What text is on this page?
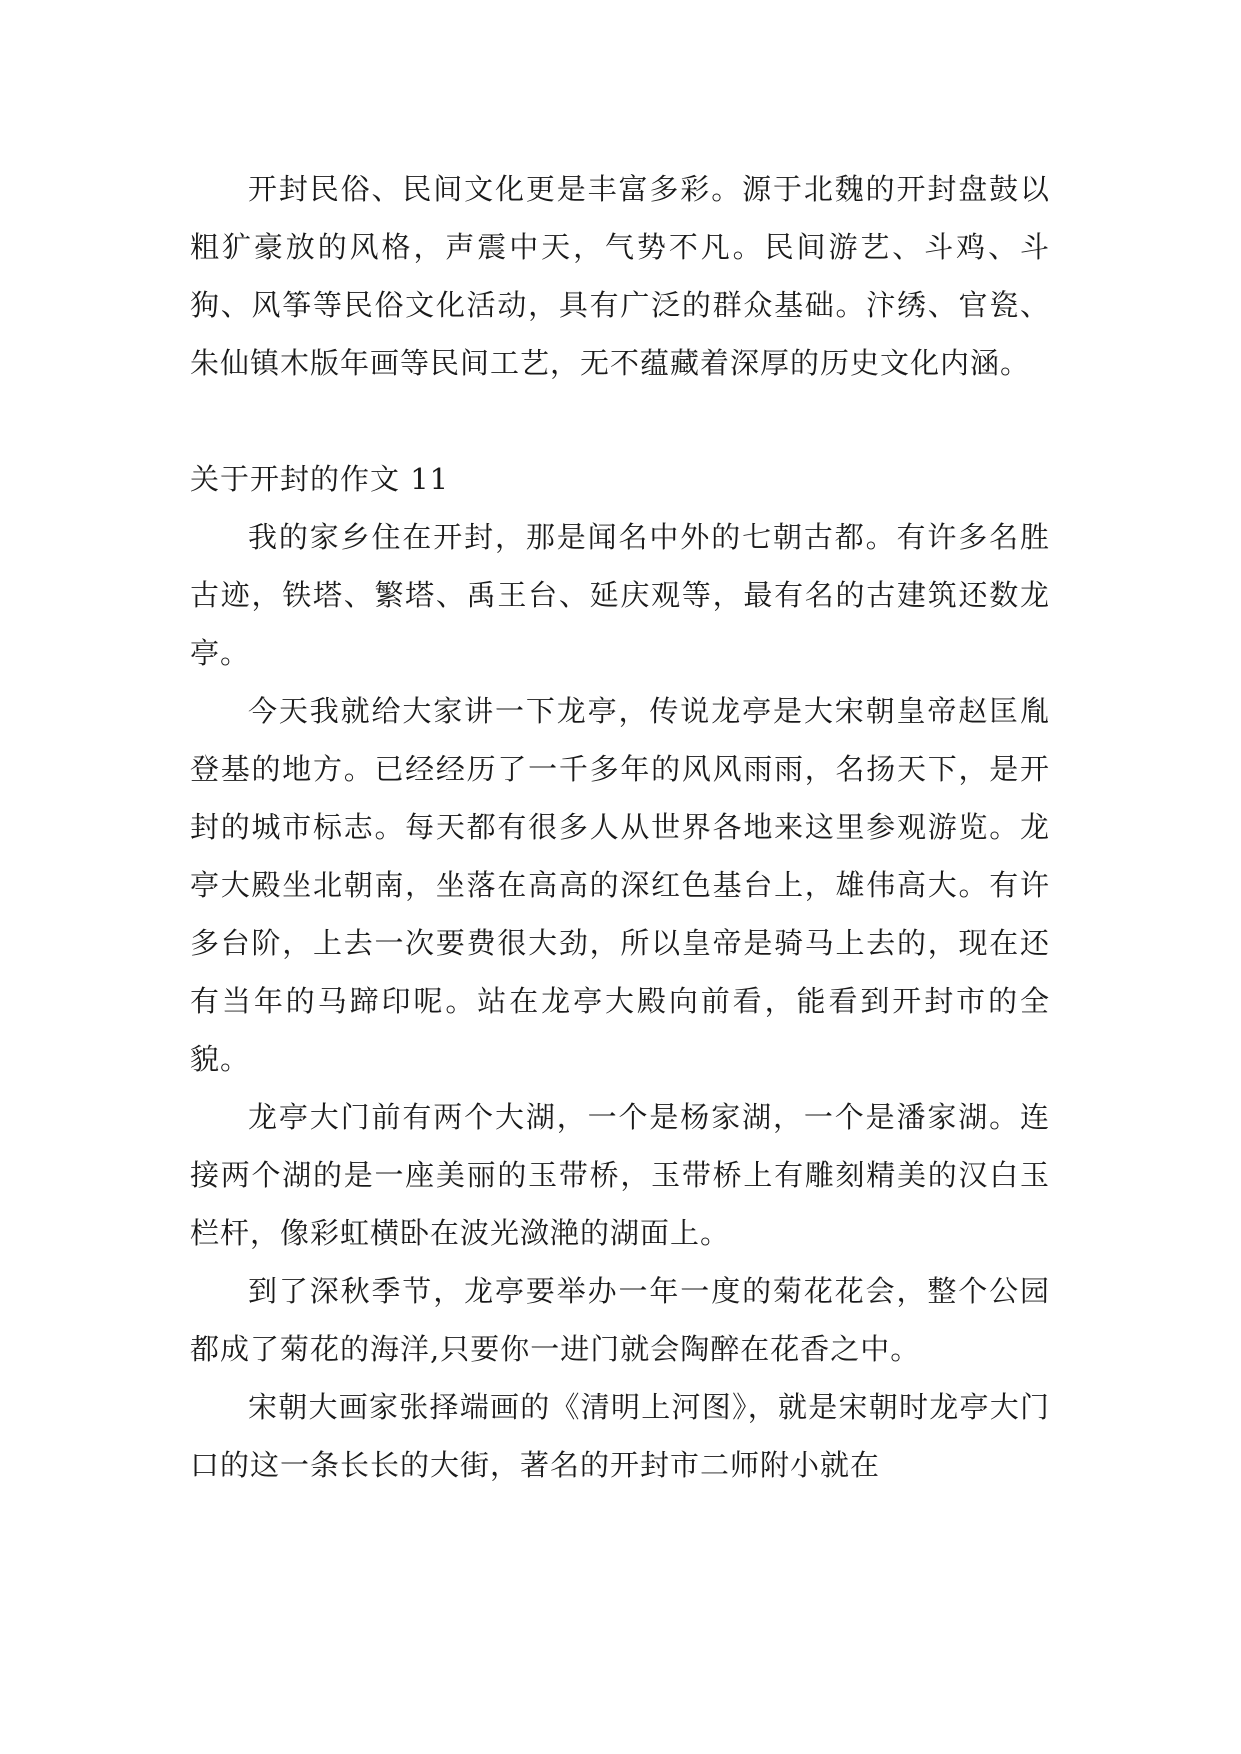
开封民俗、民间文化更是丰富多彩。源于北魏的开封盘鼓以粗犷豪放的风格，声震中天，气势不凡。民间游艺、斗鸡、斗狗、风筝等民俗文化活动，具有广泛的群众基础。汴绣、官瓷、朱仙镇木版年画等民间工艺，无不蕴藏着深厚的历史文化内涵。

关于开封的作文 11

我的家乡住在开封，那是闻名中外的七朝古都。有许多名胜古迹，铁塔、繁塔、禹王台、延庆观等，最有名的古建筑还数龙亭。

今天我就给大家讲一下龙亭，传说龙亭是大宋朝皇帝赵匡胤登基的地方。已经经历了一千多年的风风雨雨，名扬天下，是开封的城市标志。每天都有很多人从世界各地来这里参观游览。龙亭大殿坐北朝南，坐落在高高的深红色基台上，雄伟高大。有许多台阶，上去一次要费很大劲，所以皇帝是骑马上去的，现在还有当年的马蹄印呢。站在龙亭大殿向前看，能看到开封市的全貌。

龙亭大门前有两个大湖，一个是杨家湖，一个是潘家湖。连接两个湖的是一座美丽的玉带桥，玉带桥上有雕刻精美的汉白玉栏杆，像彩虹横卧在波光潋滟的湖面上。

到了深秋季节，龙亭要举办一年一度的菊花花会，整个公园都成了菊花的海洋,只要你一进门就会陶醉在花香之中。

宋朝大画家张择端画的《清明上河图》，就是宋朝时龙亭大门口的这一条长长的大街，著名的开封市二师附小就在
